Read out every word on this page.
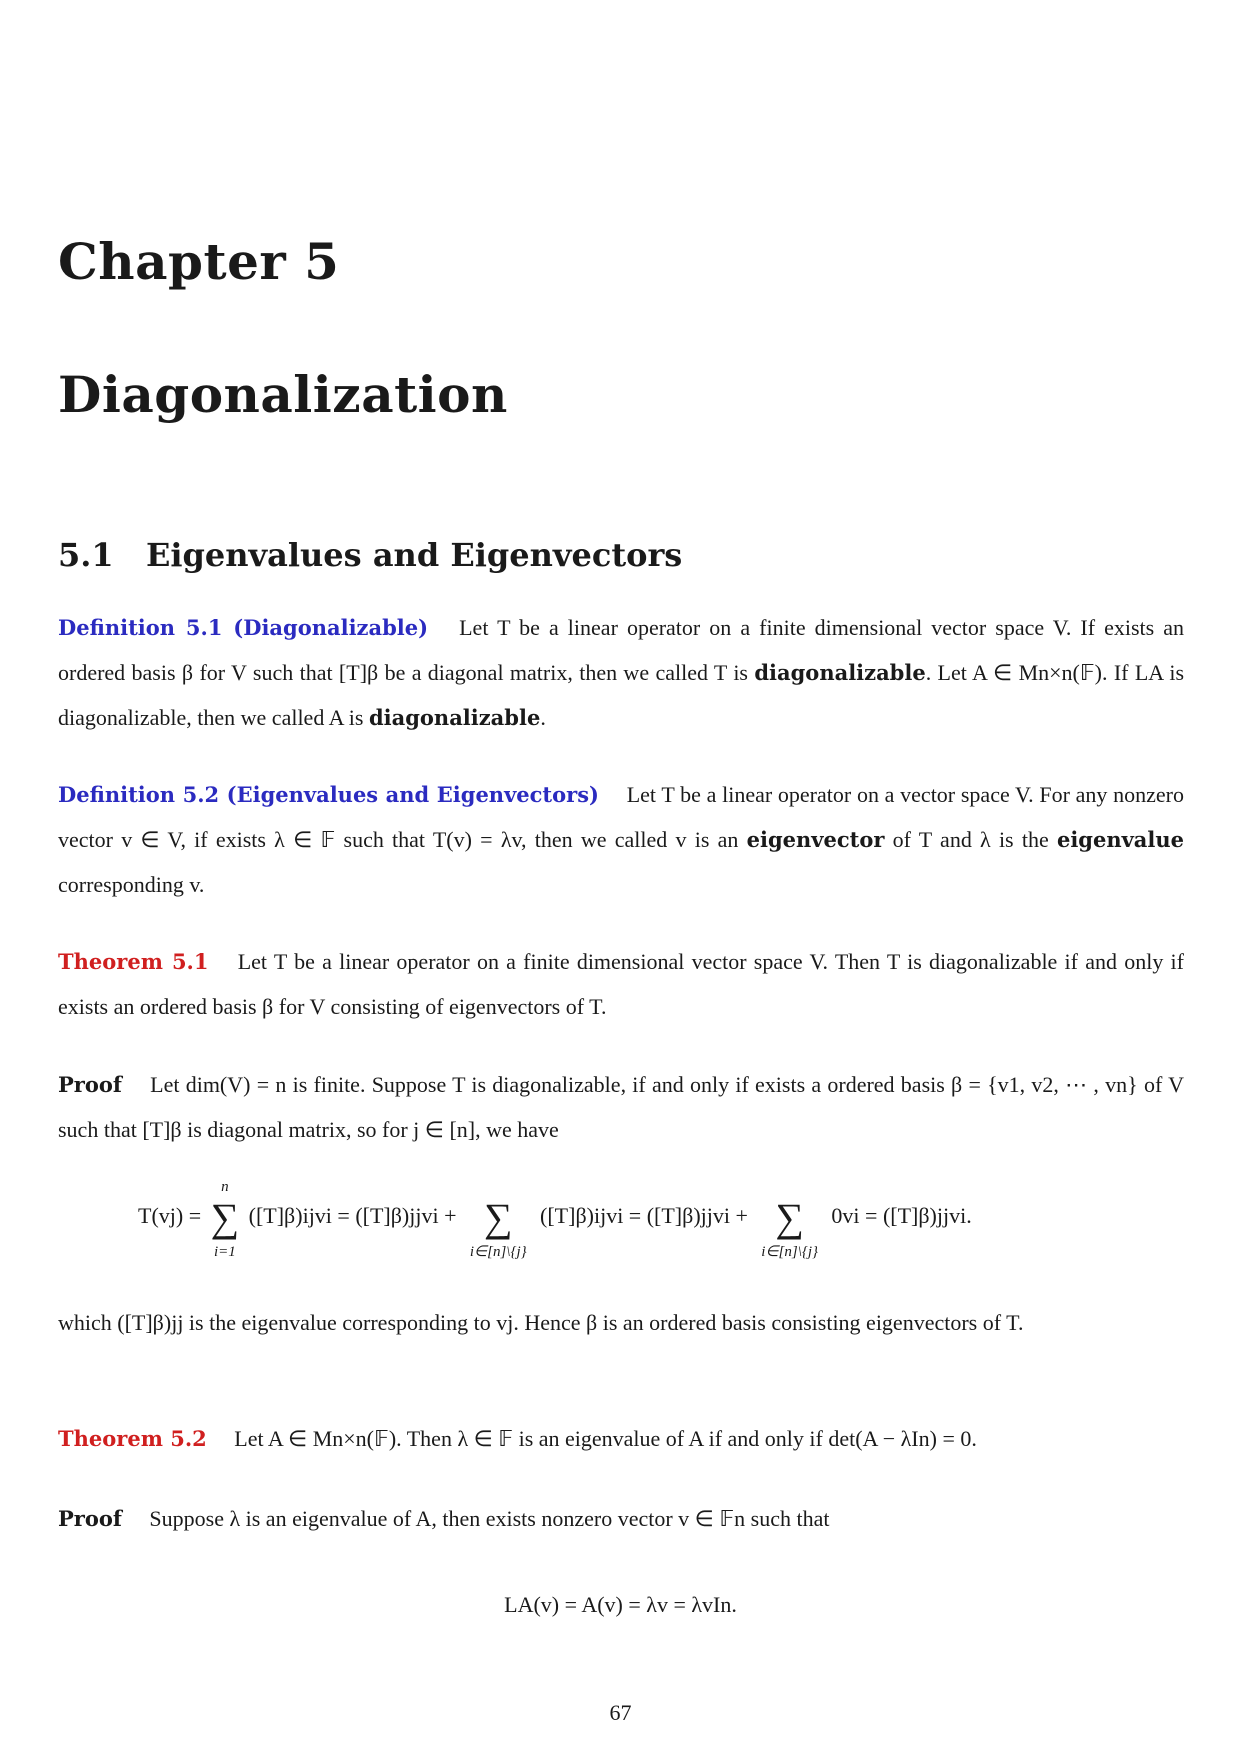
Chapter 5
Diagonalization
5.1 Eigenvalues and Eigenvectors
Definition 5.1 (Diagonalizable) Let T be a linear operator on a finite dimensional vector space V. If exists an ordered basis β for V such that [T]β be a diagonal matrix, then we called T is diagonalizable. Let A ∈ Mn×n(𝔽). If LA is diagonalizable, then we called A is diagonalizable.
Definition 5.2 (Eigenvalues and Eigenvectors) Let T be a linear operator on a vector space V. For any nonzero vector v ∈ V, if exists λ ∈ 𝔽 such that T(v) = λv, then we called v is an eigenvector of T and λ is the eigenvalue corresponding v.
Theorem 5.1 Let T be a linear operator on a finite dimensional vector space V. Then T is diagonalizable if and only if exists an ordered basis β for V consisting of eigenvectors of T.
Proof Let dim(V) = n is finite. Suppose T is diagonalizable, if and only if exists a ordered basis β = {v1, v2, ⋯ , vn} of V such that [T]β is diagonal matrix, so for j ∈ [n], we have
T(vj) = ∑
n
i=1
([T]β)ijvi = ([T]β)jjvi + ∑
i∈[n]\{j}
([T]β)ijvi = ([T]β)jjvi + ∑
i∈[n]\{j}
0vi = ([T]β)jjvi.
which ([T]β)jj is the eigenvalue corresponding to vj. Hence β is an ordered basis consisting eigenvectors of T.
Theorem 5.2 Let A ∈ Mn×n(𝔽). Then λ ∈ 𝔽 is an eigenvalue of A if and only if det(A − λIn) = 0.
Proof Suppose λ is an eigenvalue of A, then exists nonzero vector v ∈ 𝔽n such that
LA(v) = A(v) = λv = λvIn.
67
